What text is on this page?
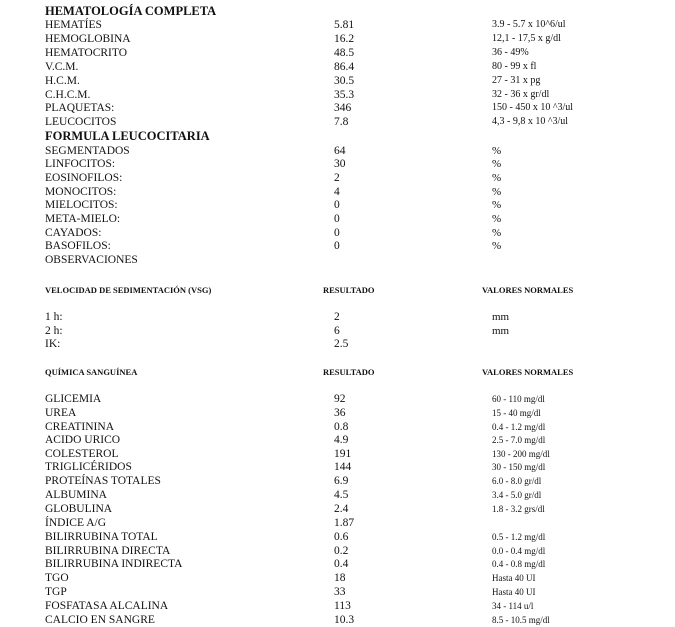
HEMATOLOGÍA COMPLETA
HEMATÍES	5.81	3.9 - 5.7 x 10^6/ul
HEMOGLOBINA	16.2	12,1 - 17,5 x g/dl
HEMATOCRITO	48.5	36 - 49%
V.C.M.	86.4	80 - 99 x fl
H.C.M.	30.5	27 - 31 x pg
C.H.C.M.	35.3	32 - 36 x gr/dl
PLAQUETAS:	346	150 - 450 x 10 ^3/ul
LEUCOCITOS	7.8	4,3 - 9,8 x 10 ^3/ul
FORMULA LEUCOCITARIA
SEGMENTADOS	64	%
LINFOCITOS:	30	%
EOSINOFILOS:	2	%
MONOCITOS:	4	%
MIELOCITOS:	0	%
META-MIELO:	0	%
CAYADOS:	0	%
BASOFILOS:	0	%
OBSERVACIONES
VELOCIDAD DE SEDIMENTACIÓN (VSG)	RESULTADO	VALORES NORMALES
1 h:	2	mm
2 h:	6	mm
IK:	2.5
QUÍMICA SANGUÍNEA	RESULTADO	VALORES NORMALES
GLICEMIA	92	60 - 110 mg/dl
UREA	36	15 - 40 mg/dl
CREATININA	0.8	0.4 - 1.2 mg/dl
ACIDO URICO	4.9	2.5 - 7.0 mg/dl
COLESTEROL	191	130 - 200 mg/dl
TRIGLICÉRIDOS	144	30 - 150 mg/dl
PROTEÍNAS TOTALES	6.9	6.0 - 8.0 gr/dl
ALBUMINA	4.5	3.4 - 5.0 gr/dl
GLOBULINA	2.4	1.8 - 3.2 grs/dl
ÍNDICE A/G	1.87
BILIRRUBINA TOTAL	0.6	0.5 - 1.2 mg/dl
BILIRRUBINA DIRECTA	0.2	0.0 - 0.4 mg/dl
BILIRRUBINA INDIRECTA	0.4	0.4 - 0.8 mg/dl
TGO	18	Hasta 40 UI
TGP	33	Hasta 40 UI
FOSFATASA ALCALINA	113	34 - 114 u/l
CALCIO EN SANGRE	10.3	8.5 - 10.5 mg/dl
